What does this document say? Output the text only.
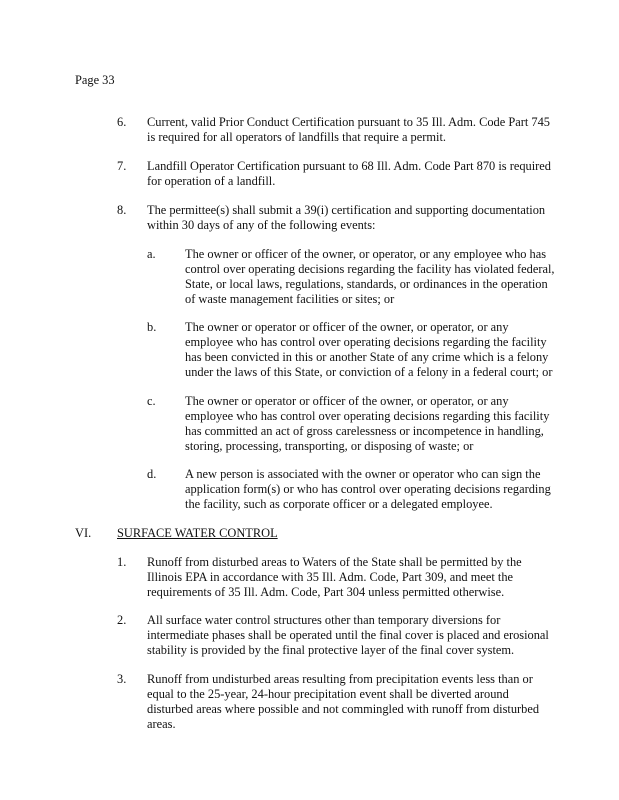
Page 33
6. Current, valid Prior Conduct Certification pursuant to 35 Ill. Adm. Code Part 745
is required for all operators of landfills that require a permit.
7. Landfill Operator Certification pursuant to 68 Ill. Adm. Code Part 870 is required
for operation of a landfill.
8. The permittee(s) shall submit a 39(i) certification and supporting documentation
within 30 days of any of the following events:
a. The owner or officer of the owner, or operator, or any employee who has
control over operating decisions regarding the facility has violated federal,
State, or local laws, regulations, standards, or ordinances in the operation
of waste management facilities or sites; or
b. The owner or operator or officer of the owner, or operator, or any
employee who has control over operating decisions regarding the facility
has been convicted in this or another State of any crime which is a felony
under the laws of this State, or conviction of a felony in a federal court; or
c. The owner or operator or officer of the owner, or operator, or any
employee who has control over operating decisions regarding this facility
has committed an act of gross carelessness or incompetence in handling,
storing, processing, transporting, or disposing of waste; or
d. A new person is associated with the owner or operator who can sign the
application form(s) or who has control over operating decisions regarding
the facility, such as corporate officer or a delegated employee.
VI. SURFACE WATER CONTROL
1. Runoff from disturbed areas to Waters of the State shall be permitted by the
Illinois EPA in accordance with 35 Ill. Adm. Code, Part 309, and meet the
requirements of 35 Ill. Adm. Code, Part 304 unless permitted otherwise.
2. All surface water control structures other than temporary diversions for
intermediate phases shall be operated until the final cover is placed and erosional
stability is provided by the final protective layer of the final cover system.
3. Runoff from undisturbed areas resulting from precipitation events less than or
equal to the 25-year, 24-hour precipitation event shall be diverted around
disturbed areas where possible and not commingled with runoff from disturbed
areas.
